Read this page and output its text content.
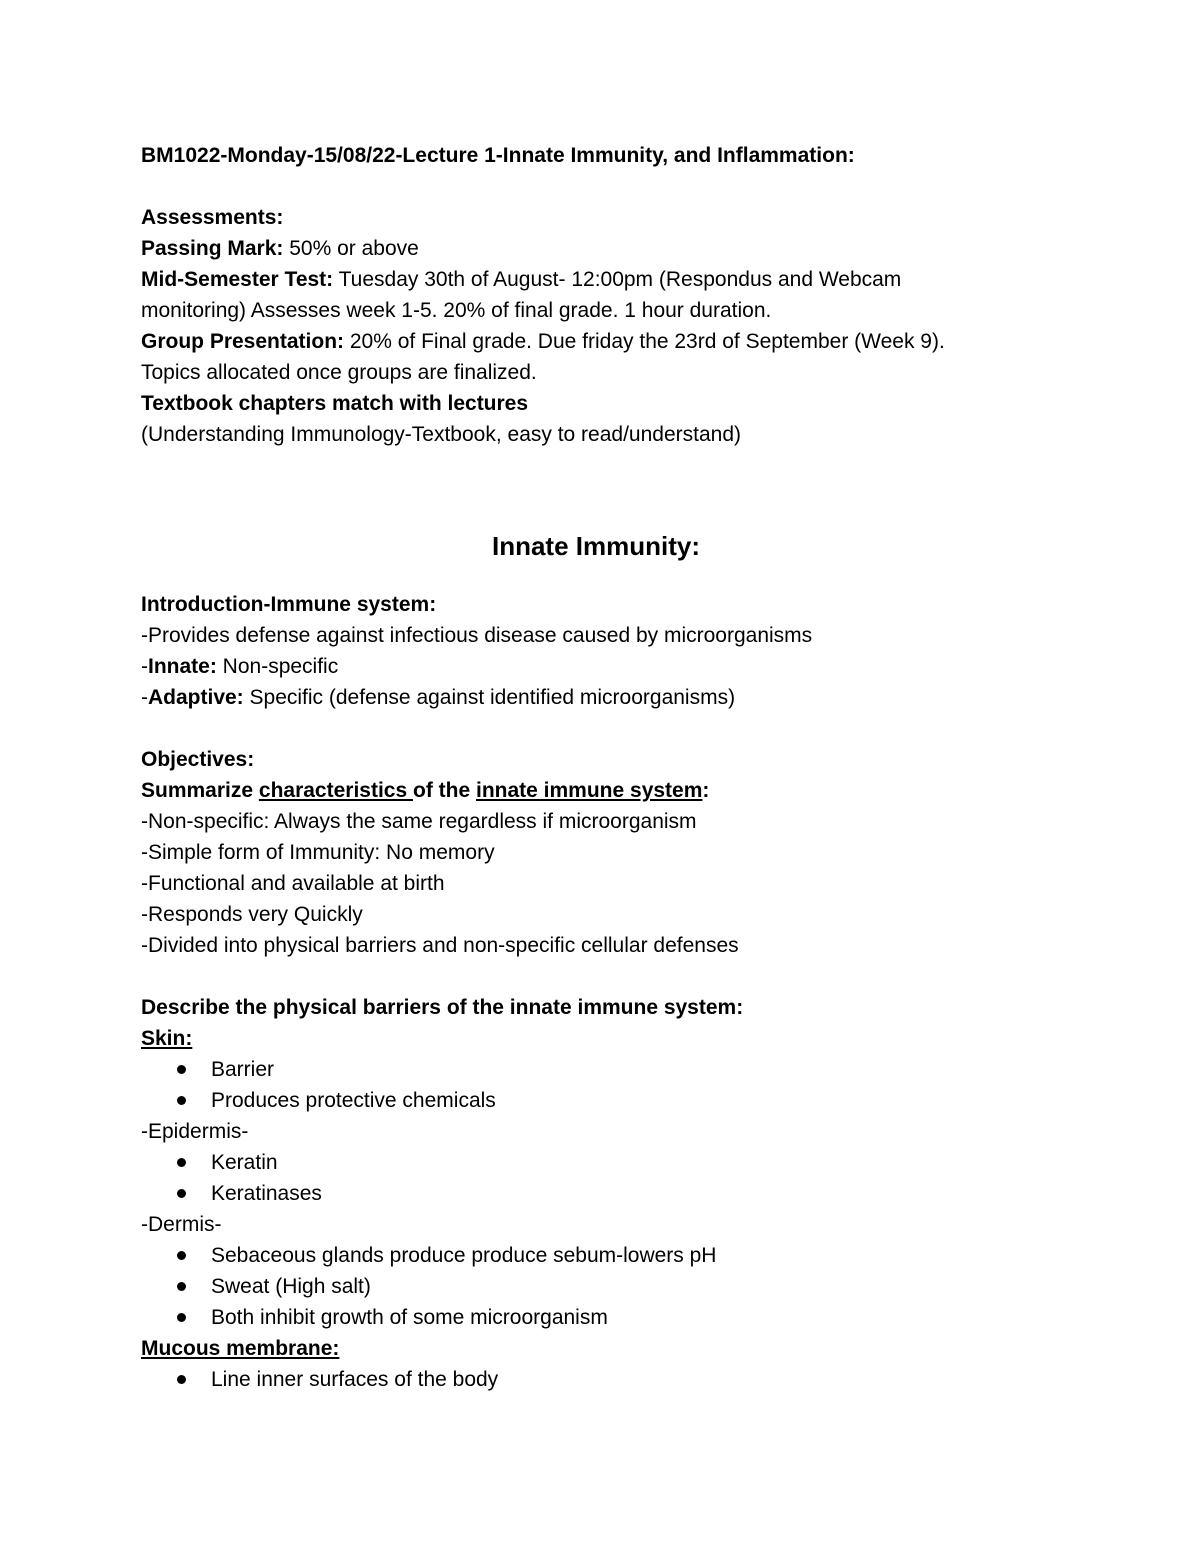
BM1022-Monday-15/08/22-Lecture 1-Innate Immunity, and Inflammation:

Assessments:

Passing Mark: 50% or above

Mid-Semester Test: Tuesday 30th of August- 12:00pm (Respondus and Webcam

monitoring) Assesses week 1-5. 20% of final grade. 1 hour duration.

Group Presentation: 20% of Final grade. Due friday the 23rd of September (Week 9).

Topics allocated once groups are finalized.

Textbook chapters match with lectures

(Understanding Immunology-Textbook, easy to read/understand)

Innate Immunity:

Introduction-Immune system:

-Provides defense against infectious disease caused by microorganisms

-Innate: Non-specific

-Adaptive: Specific (defense against identified microorganisms)

Objectives:

Summarize characteristics of the innate immune system:

-Non-specific: Always the same regardless if microorganism

-Simple form of Immunity: No memory

-Functional and available at birth

-Responds very Quickly

-Divided into physical barriers and non-specific cellular defenses

Describe the physical barriers of the innate immune system:

Skin:

Barrier
Produces protective chemicals

-Epidermis-

Keratin
Keratinases

-Dermis-

Sebaceous glands produce produce sebum-lowers pH
Sweat (High salt)
Both inhibit growth of some microorganism

Mucous membrane:

Line inner surfaces of the body
